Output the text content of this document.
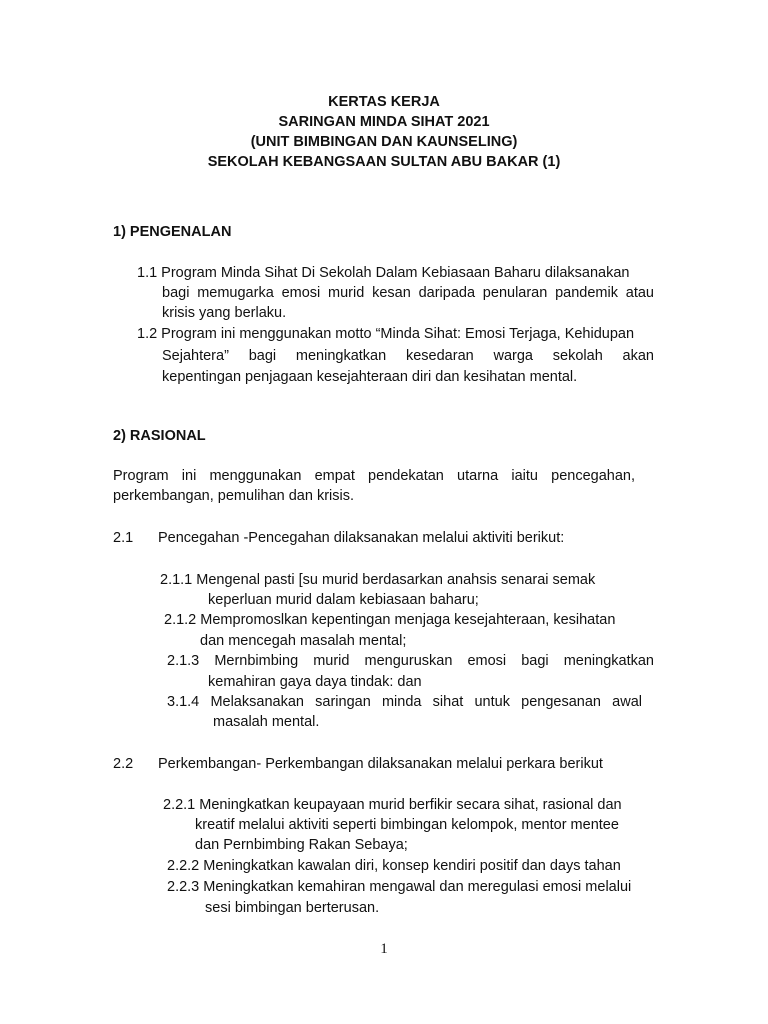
KERTAS KERJA
SARINGAN MINDA SIHAT 2021
(UNIT BIMBINGAN DAN KAUNSELING)
SEKOLAH KEBANGSAAN SULTAN ABU BAKAR (1)
1) PENGENALAN
1.1 Program Minda Sihat Di Sekolah Dalam Kebiasaan Baharu dilaksanakan
bagi memugarka emosi murid kesan daripada penularan pandemik atau
krisis yang berlaku.
1.2 Program ini menggunakan motto “Minda Sihat: Emosi Terjaga, Kehidupan
Sejahtera” bagi meningkatkan kesedaran warga sekolah akan
kepentingan penjagaan kesejahteraan diri dan kesihatan mental.
2) RASIONAL
Program ini menggunakan empat pendekatan utarna iaitu pencegahan,
perkembangan, pemulihan dan krisis.
2.1 Pencegahan -Pencegahan dilaksanakan melalui aktiviti berikut:
2.1.1 Mengenal pasti [su murid berdasarkan anahsis senarai semak
keperluan murid dalam kebiasaan baharu;
2.1.2 Mempromoslkan kepentingan menjaga kesejahteraan, kesihatan
dan mencegah masalah mental;
2.1.3 Mernbimbing murid menguruskan emosi bagi meningkatkan
kemahiran gaya daya tindak: dan
3.1.4 Melaksanakan saringan minda sihat untuk pengesanan awal
masalah mental.
2.2 Perkembangan- Perkembangan dilaksanakan melalui perkara berikut
2.2.1 Meningkatkan keupayaan murid berfikir secara sihat, rasional dan
kreatif melalui aktiviti seperti bimbingan kelompok, mentor mentee
dan Pernbimbing Rakan Sebaya;
2.2.2 Meningkatkan kawalan diri, konsep kendiri positif dan days tahan
2.2.3 Meningkatkan kemahiran mengawal dan meregulasi emosi melalui
sesi bimbingan berterusan.
1
